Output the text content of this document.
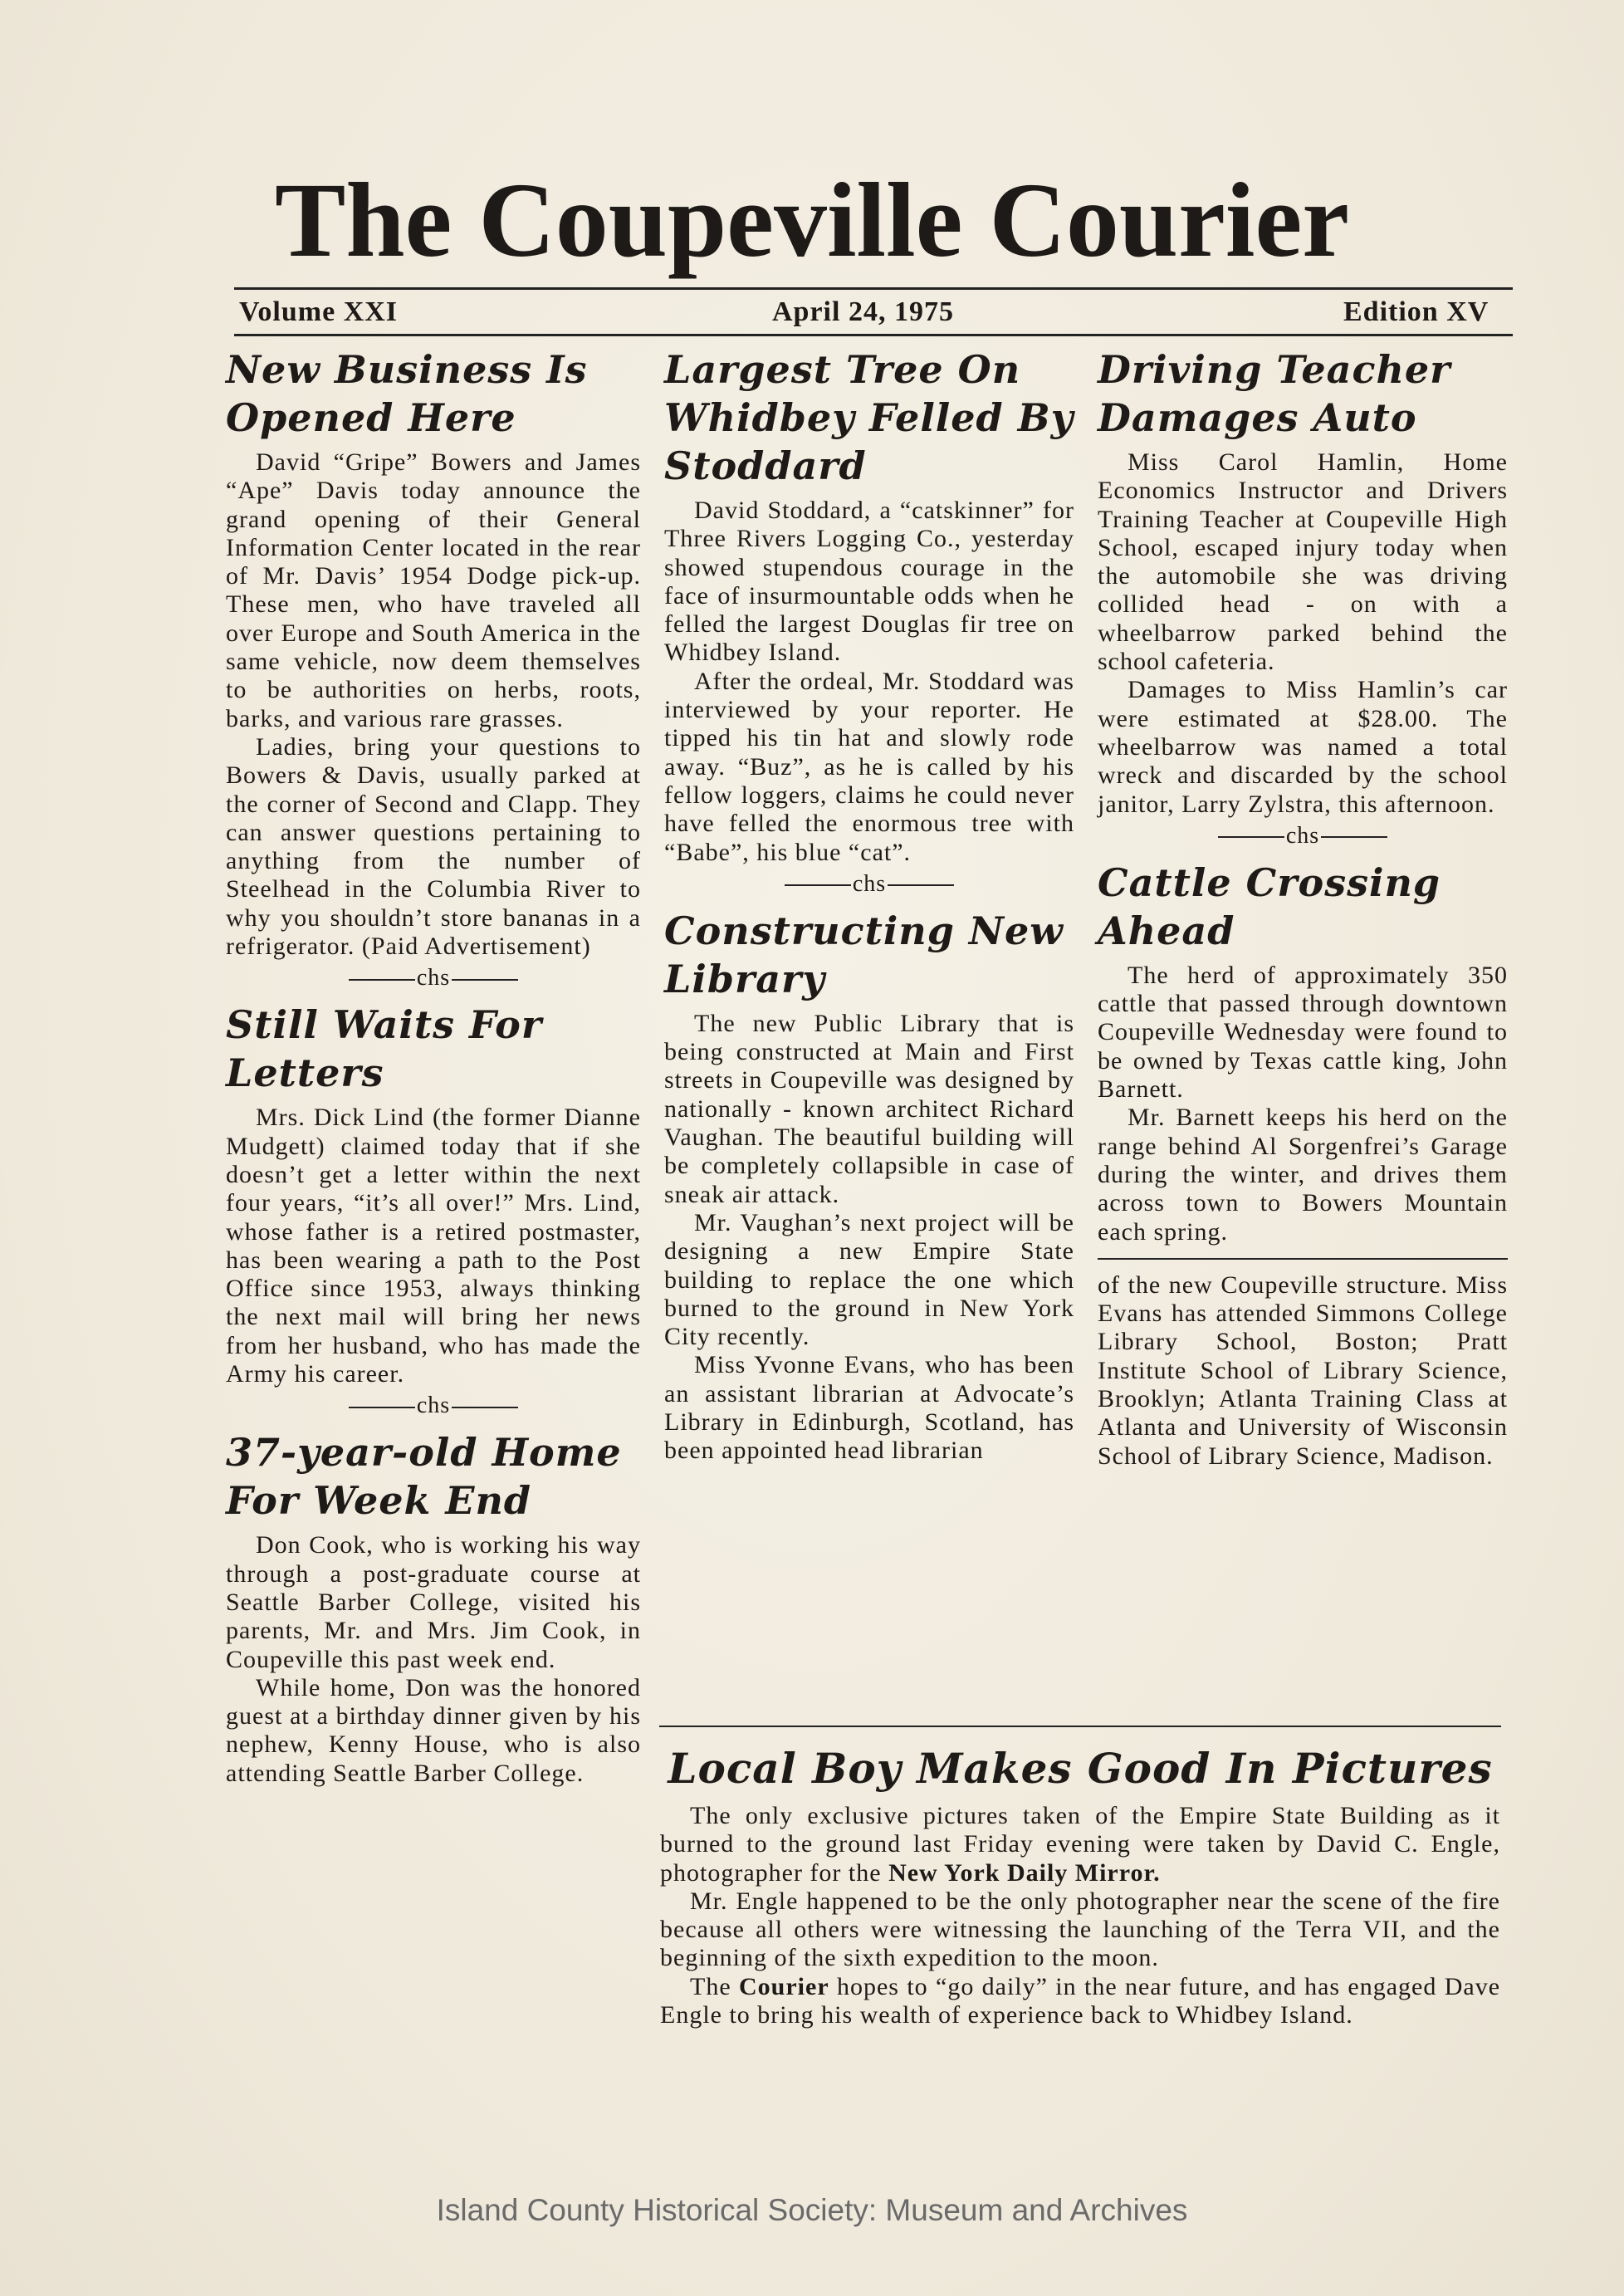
The Coupeville Courier
Volume XXI	April 24, 1975	Edition XV
New Business Is Opened Here

David “Gripe” Bowers and James “Ape” Davis today announce the grand opening of their General Information Center located in the rear of Mr. Davis’ 1954 Dodge pick-up. These men, who have traveled all over Europe and South America in the same vehicle, now deem themselves to be authorities on herbs, roots, barks, and various rare grasses.

Ladies, bring your questions to Bowers & Davis, usually parked at the corner of Second and Clapp. They can answer questions pertaining to anything from the number of Steelhead in the Columbia River to why you shouldn’t store bananas in a refrigerator. (Paid Advertisement)

chs
Still Waits For Letters

Mrs. Dick Lind (the former Dianne Mudgett) claimed today that if she doesn’t get a letter within the next four years, “it’s all over!” Mrs. Lind, whose father is a retired postmaster, has been wearing a path to the Post Office since 1953, always thinking the next mail will bring her news from her husband, who has made the Army his career.

chs
37-year-old Home For Week End

Don Cook, who is working his way through a post-graduate course at Seattle Barber College, visited his parents, Mr. and Mrs. Jim Cook, in Coupeville this past week end.

While home, Don was the honored guest at a birthday dinner given by his nephew, Kenny House, who is also attending Seattle Barber College.

Largest Tree On Whidbey Felled By Stoddard

David Stoddard, a “catskinner” for Three Rivers Logging Co., yesterday showed stupendous courage in the face of insurmountable odds when he felled the largest Douglas fir tree on Whidbey Island.

After the ordeal, Mr. Stoddard was interviewed by your reporter. He tipped his tin hat and slowly rode away. “Buz”, as he is called by his fellow loggers, claims he could never have felled the enormous tree with “Babe”, his blue “cat”.

chs
Constructing New Library

The new Public Library that is being constructed at Main and First streets in Coupeville was designed by nationally - known architect Richard Vaughan. The beautiful building will be completely collapsible in case of sneak air attack.

Mr. Vaughan’s next project will be designing a new Empire State building to replace the one which burned to the ground in New York City recently.

Miss Yvonne Evans, who has been an assistant librarian at Advocate’s Library in Edinburgh, Scotland, has been appointed head librarian

Driving Teacher Damages Auto

Miss Carol Hamlin, Home Economics Instructor and Drivers Training Teacher at Coupeville High School, escaped injury today when the automobile she was driving collided head - on with a wheelbarrow parked behind the school cafeteria.

Damages to Miss Hamlin’s car were estimated at $28.00. The wheelbarrow was named a total wreck and discarded by the school janitor, Larry Zylstra, this afternoon.

chs
Cattle Crossing Ahead

The herd of approximately 350 cattle that passed through downtown Coupeville Wednesday were found to be owned by Texas cattle king, John Barnett.

Mr. Barnett keeps his herd on the range behind Al Sorgenfrei’s Garage during the winter, and drives them across town to Bowers Mountain each spring.

of the new Coupeville structure. Miss Evans has attended Simmons College Library School, Boston; Pratt Institute School of Library Science, Brooklyn; Atlanta Training Class at Atlanta and University of Wisconsin School of Library Science, Madison.

Local Boy Makes Good In Pictures

The only exclusive pictures taken of the Empire State Building as it burned to the ground last Friday evening were taken by David C. Engle, photographer for the New York Daily Mirror.

Mr. Engle happened to be the only photographer near the scene of the fire because all others were witnessing the launching of the Terra VII, and the beginning of the sixth expedition to the moon.

The Courier hopes to “go daily” in the near future, and has engaged Dave Engle to bring his wealth of experience back to Whidbey Island.

Island County Historical Society: Museum and Archives
